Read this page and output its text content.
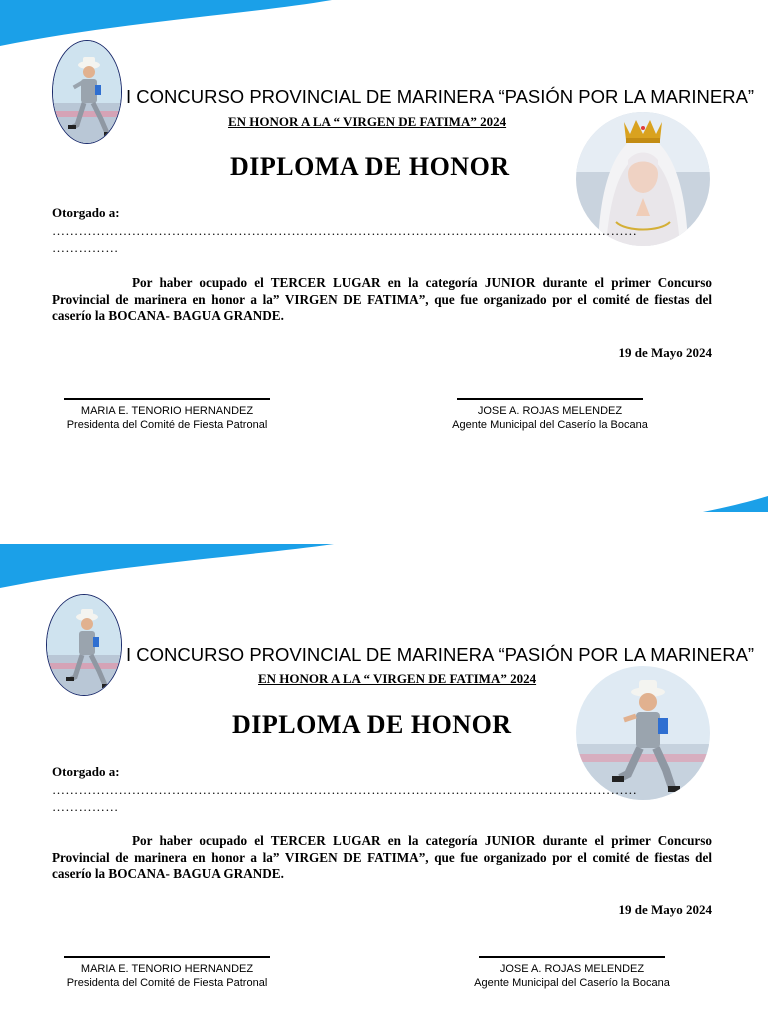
I CONCURSO PROVINCIAL DE MARINERA “PASIÓN POR LA MARINERA”
EN HONOR A LA “ VIRGEN DE FATIMA” 2024
DIPLOMA DE HONOR
Otorgado a:
……………………………………………………………………………………………………………………
……………
Por haber ocupado el TERCER LUGAR en la categoría JUNIOR durante el primer Concurso Provincial de marinera en honor a la” VIRGEN DE FATIMA”, que fue organizado por el comité de fiestas del caserío la BOCANA- BAGUA GRANDE.
19 de Mayo 2024
MARIA E. TENORIO HERNANDEZ
Presidenta del Comité de Fiesta Patronal
JOSE A. ROJAS MELENDEZ
Agente Municipal del Caserío la Bocana
I CONCURSO PROVINCIAL DE MARINERA “PASIÓN POR LA MARINERA”
EN HONOR A LA “ VIRGEN DE FATIMA” 2024
DIPLOMA DE HONOR
Otorgado a:
……………………………………………………………………………………………………………………
……………
Por haber ocupado el TERCER LUGAR en la categoría JUNIOR durante el primer Concurso Provincial de marinera en honor a la” VIRGEN DE FATIMA”, que fue organizado por el comité de fiestas del caserío la BOCANA- BAGUA GRANDE.
19 de Mayo 2024
MARIA E. TENORIO HERNANDEZ
Presidenta del Comité de Fiesta Patronal
JOSE A. ROJAS MELENDEZ
Agente Municipal del Caserío la Bocana
